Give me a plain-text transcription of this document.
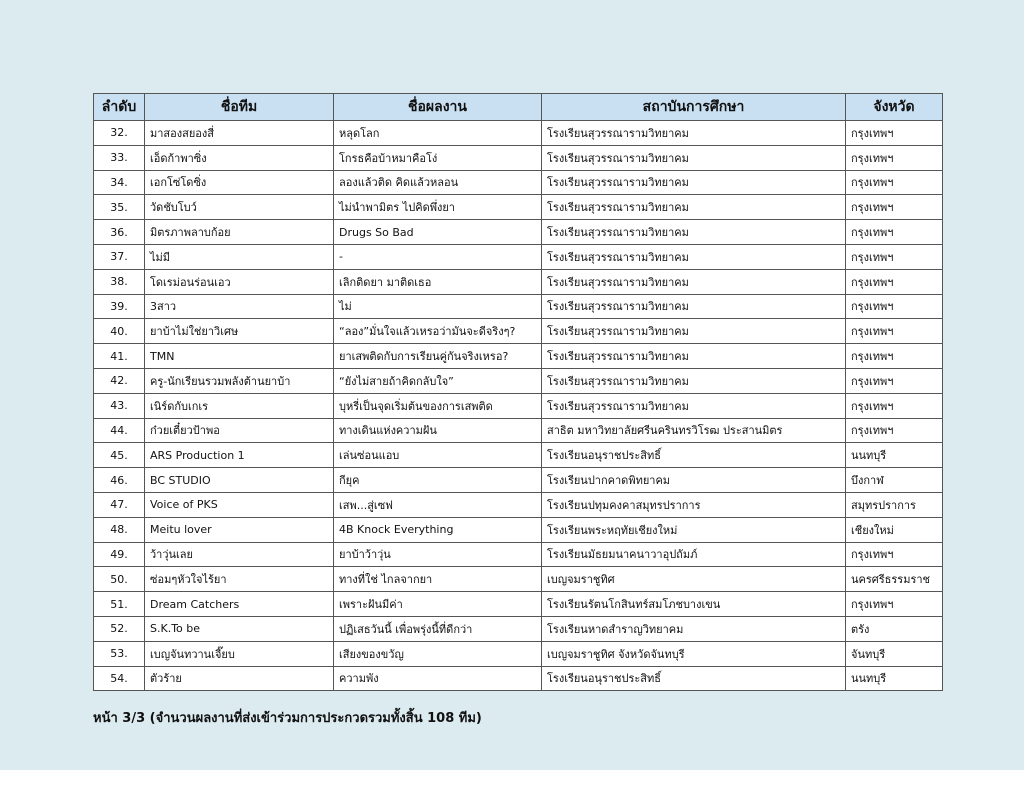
ลำดับ	ชื่อทีม	ชื่อผลงาน	สถาบันการศึกษา	จังหวัด
32.	มาสองสยองสี่	หลุดโลก	โรงเรียนสุวรรณารามวิทยาคม	กรุงเทพฯ
33.	เอ็ดก้าพาซิ่ง	โกรธคือบ้าหมาคือโง่	โรงเรียนสุวรรณารามวิทยาคม	กรุงเทพฯ
34.	เอกโซ่โดซิ่ง	ลองแล้วติด คิดแล้วหลอน	โรงเรียนสุวรรณารามวิทยาคม	กรุงเทพฯ
35.	วัดชับโบว์	ไม่นำพามิตร ไปคิดพึ่งยา	โรงเรียนสุวรรณารามวิทยาคม	กรุงเทพฯ
36.	มิตรภาพลาบก้อย	Drugs So Bad	โรงเรียนสุวรรณารามวิทยาคม	กรุงเทพฯ
37.	ไม่มี	-	โรงเรียนสุวรรณารามวิทยาคม	กรุงเทพฯ
38.	โดเรม่อนร่อนเอว	เลิกติดยา มาติดเธอ	โรงเรียนสุวรรณารามวิทยาคม	กรุงเทพฯ
39.	3สาว	ไม่	โรงเรียนสุวรรณารามวิทยาคม	กรุงเทพฯ
40.	ยาบ้าไม่ใช่ยาวิเศษ	“ลอง”มั่นใจแล้วเหรอว่ามันจะดีจริงๆ?	โรงเรียนสุวรรณารามวิทยาคม	กรุงเทพฯ
41.	TMN	ยาเสพติดกับการเรียนคู่กันจริงเหรอ?	โรงเรียนสุวรรณารามวิทยาคม	กรุงเทพฯ
42.	ครู-นักเรียนรวมพลังต้านยาบ้า	“ยังไม่สายถ้าคิดกลับใจ”	โรงเรียนสุวรรณารามวิทยาคม	กรุงเทพฯ
43.	เนิร์ดกับเกเร	บุหรี่เป็นจุดเริ่มต้นของการเสพติด	โรงเรียนสุวรรณารามวิทยาคม	กรุงเทพฯ
44.	ก๋วยเตี๋ยวป้าพอ	ทางเดินแห่งความฝัน	สาธิต มหาวิทยาลัยศรีนครินทรวิโรฒ ประสานมิตร	กรุงเทพฯ
45.	ARS Production 1	เล่นซ่อนแอบ	โรงเรียนอนุราชประสิทธิ์	นนทบุรี
46.	BC STUDIO	กียุค	โรงเรียนปากคาดพิทยาคม	บึงกาฬ
47.	Voice of PKS	เสพ...สู่เซฟ	โรงเรียนปทุมคงคาสมุทรปราการ	สมุทรปราการ
48.	Meitu lover	4B Knock Everything	โรงเรียนพระหฤทัยเชียงใหม่	เชียงใหม่
49.	ว้าวุ่นเลย	ยาบ้าว้าวุ่น	โรงเรียนมัธยมนาคนาวาอุปถัมภ์	กรุงเทพฯ
50.	ซ่อมๆหัวใจไร้ยา	ทางที่ใช่ ไกลจากยา	เบญจมราชูทิศ	นครศรีธรรมราช
51.	Dream Catchers	เพราะฝันมีค่า	โรงเรียนรัตนโกสินทร์สมโภชบางเขน	กรุงเทพฯ
52.	S.K.To be	ปฏิเสธวันนี้ เพื่อพรุ่งนี้ที่ดีกว่า	โรงเรียนหาดสำราญวิทยาคม	ตรัง
53.	เบญจันทวานเจี๊ยบ	เสียงของขวัญ	เบญจมราชูทิศ จังหวัดจันทบุรี	จันทบุรี
54.	ตัวร้าย	ความพัง	โรงเรียนอนุราชประสิทธิ์	นนทบุรี
หน้า 3/3 (จำนวนผลงานที่ส่งเข้าร่วมการประกวดรวมทั้งสิ้น 108 ทีม)
